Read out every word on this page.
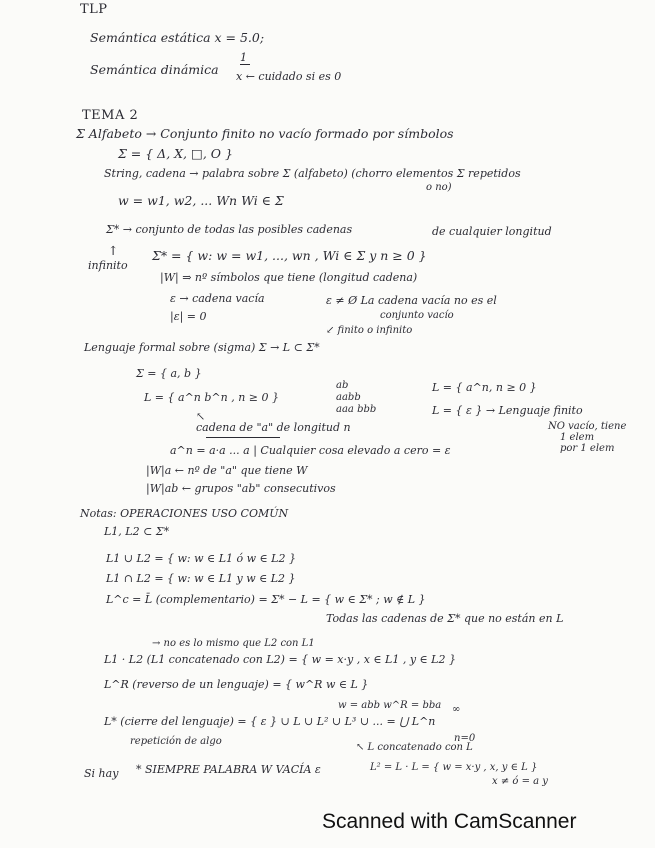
TLP
Semántica estática x = 5.0;
1
Semántica dinámica x ← cuidado si es 0
TEMA 2
Σ Alfabeto → Conjunto finito no vacío formado por símbolos
Σ = { Δ, X, □, O }
String, cadena → palabra sobre Σ (alfabeto) (chorro elementos Σ repetidos
o no)
w = w1, w2, ... Wn Wi ∈ Σ
Σ* → conjunto de todas las posibles cadenas	de cualquier longitud
↑
infinito
Σ* = { w: w = w1, ..., wn , Wi ∈ Σ y n ≥ 0 }
|W| ⇒ nº símbolos que tiene (longitud cadena)
ε → cadena vacía	ε ≠ Ø La cadena vacía no es el
|ε| = 0	conjunto vacío
↙ finito o infinito
Lenguaje formal sobre (sigma) Σ → L ⊂ Σ*
Σ = { a, b }
ab	L = { a^n, n ≥ 0 }
L = { a^n b^n , n ≥ 0 }	aabb
aaa bbb	L = { ε } → Lenguaje finito
↖
cadena de "a" de longitud n	NO vacío, tiene
1 elem
por 1 elem
a^n = a·a ... a | Cualquier cosa elevado a cero = ε
|W|a ← nº de "a" que tiene W
|W|ab ← grupos "ab" consecutivos
Notas: OPERACIONES USO COMÚN
L1, L2 ⊂ Σ*
L1 ∪ L2 = { w: w ∈ L1 ó w ∈ L2 }
L1 ∩ L2 = { w: w ∈ L1 y w ∈ L2 }
L^c = L̄ (complementario) = Σ* − L = { w ∈ Σ* ; w ∉ L }
Todas las cadenas de Σ* que no están en L
→ no es lo mismo que L2 con L1
L1 · L2 (L1 concatenado con L2) = { w = x·y , x ∈ L1 , y ∈ L2 }
L^R (reverso de un lenguaje) = { w^R w ∈ L }
w = abb w^R = bba
L* (cierre del lenguaje) = { ε } ∪ L ∪ L² ∪ L³ ∪ ... = ⋃ L^n
∞
repetición de algo	n=0
↖ L concatenado con L
Si hay * SIEMPRE PALABRA W VACÍA ε	L² = L · L = { w = x·y , x, y ∈ L }
x ≠ ó = a y
Scanned with CamScanner
